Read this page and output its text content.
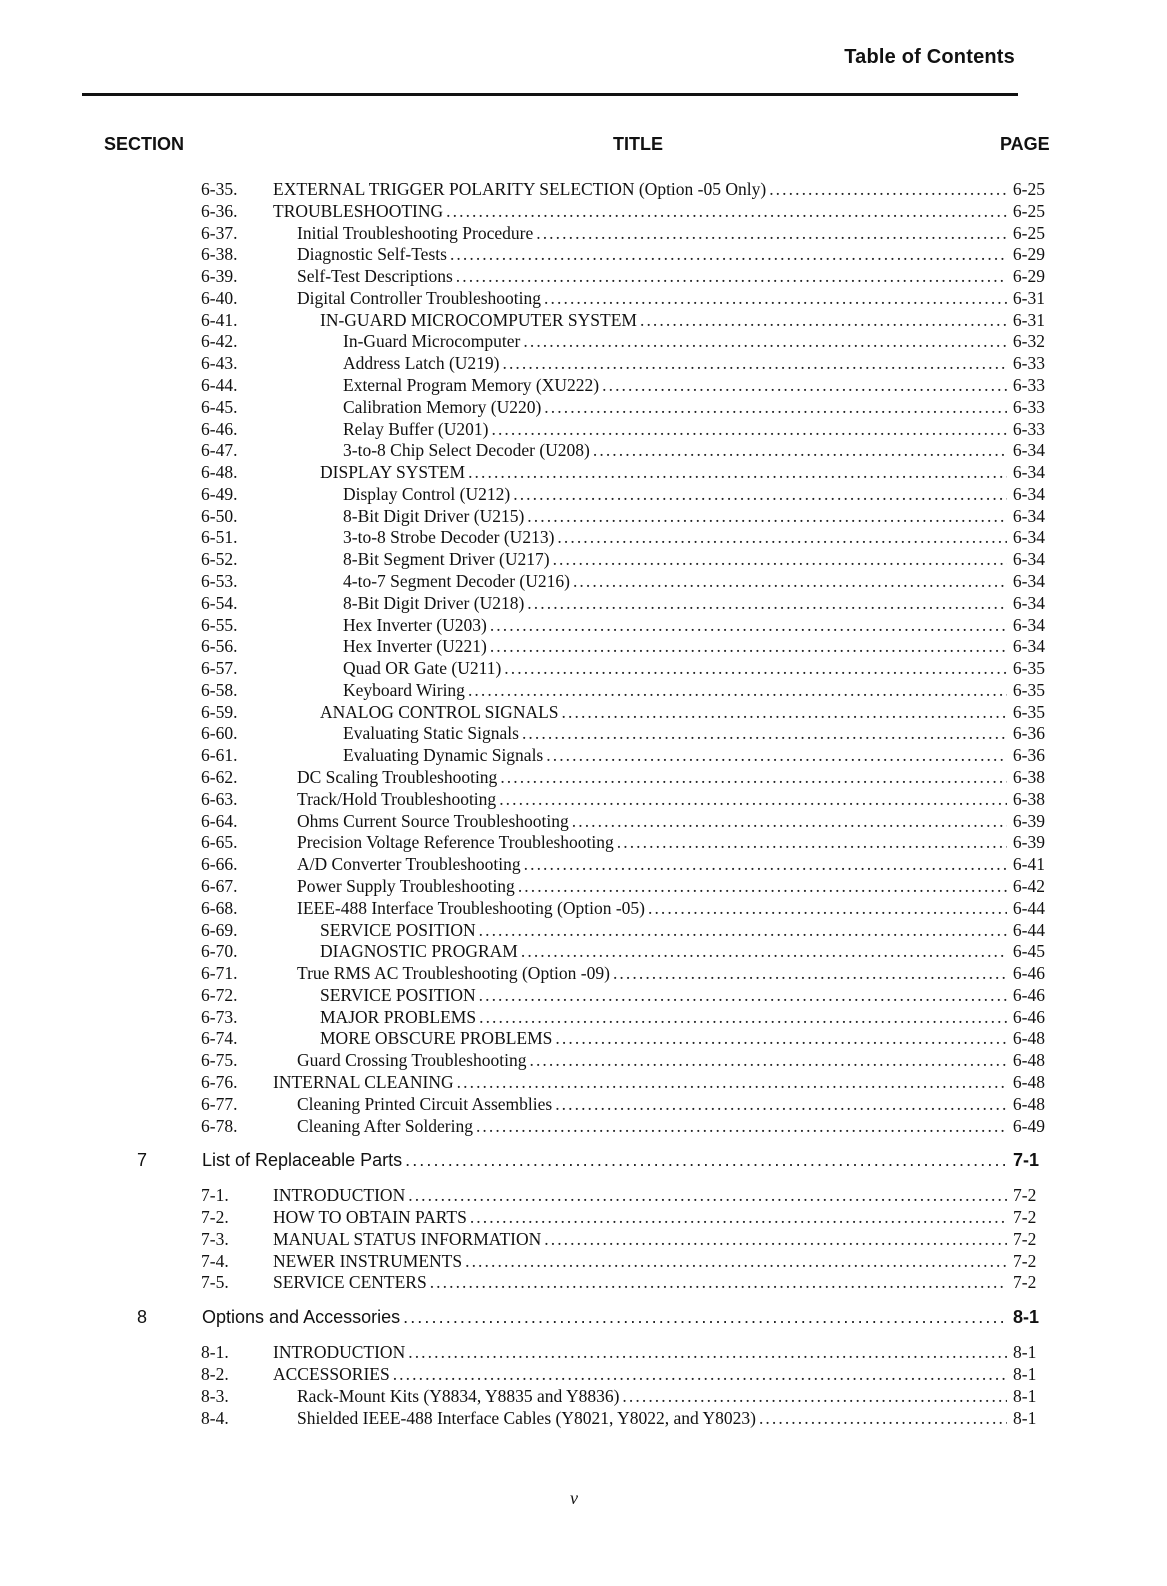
Table of Contents
SECTION	TITLE	PAGE
6-35. EXTERNAL TRIGGER POLARITY SELECTION (Option -05 Only) .....	6-25
6-36. TROUBLESHOOTING .....	6-25
6-37.	Initial Troubleshooting Procedure .....	6-25
6-38.	Diagnostic Self-Tests .....	6-29
6-39.	Self-Test Descriptions .....	6-29
6-40.	Digital Controller Troubleshooting .....	6-31
6-41.	IN-GUARD MICROCOMPUTER SYSTEM .....	6-31
6-42.	In-Guard Microcomputer .....	6-32
6-43.	Address Latch (U219) .....	6-33
6-44.	External Program Memory (XU222) .....	6-33
6-45.	Calibration Memory (U220) .....	6-33
6-46.	Relay Buffer (U201) .....	6-33
6-47.	3-to-8 Chip Select Decoder (U208) .....	6-34
6-48.	DISPLAY SYSTEM .....	6-34
6-49.	Display Control (U212) .....	6-34
6-50.	8-Bit Digit Driver (U215) .....	6-34
6-51.	3-to-8 Strobe Decoder (U213) .....	6-34
6-52.	8-Bit Segment Driver (U217) .....	6-34
6-53.	4-to-7 Segment Decoder (U216) .....	6-34
6-54.	8-Bit Digit Driver (U218) .....	6-34
6-55.	Hex Inverter (U203) .....	6-34
6-56.	Hex Inverter (U221) .....	6-34
6-57.	Quad OR Gate (U211) .....	6-35
6-58.	Keyboard Wiring .....	6-35
6-59.	ANALOG CONTROL SIGNALS .....	6-35
6-60.	Evaluating Static Signals .....	6-36
6-61.	Evaluating Dynamic Signals .....	6-36
6-62.	DC Scaling Troubleshooting .....	6-38
6-63.	Track/Hold Troubleshooting .....	6-38
6-64.	Ohms Current Source Troubleshooting .....	6-39
6-65.	Precision Voltage Reference Troubleshooting .....	6-39
6-66.	A/D Converter Troubleshooting .....	6-41
6-67.	Power Supply Troubleshooting .....	6-42
6-68.	IEEE-488 Interface Troubleshooting (Option -05) .....	6-44
6-69.	SERVICE POSITION .....	6-44
6-70.	DIAGNOSTIC PROGRAM .....	6-45
6-71.	True RMS AC Troubleshooting (Option -09) .....	6-46
6-72.	SERVICE POSITION .....	6-46
6-73.	MAJOR PROBLEMS .....	6-46
6-74.	MORE OBSCURE PROBLEMS .....	6-48
6-75.	Guard Crossing Troubleshooting .....	6-48
6-76. INTERNAL CLEANING .....	6-48
6-77.	Cleaning Printed Circuit Assemblies .....	6-48
6-78.	Cleaning After Soldering .....	6-49
7	List of Replaceable Parts .....	7-1
7-1.	INTRODUCTION .....	7-2
7-2.	HOW TO OBTAIN PARTS .....	7-2
7-3.	MANUAL STATUS INFORMATION .....	7-2
7-4.	NEWER INSTRUMENTS .....	7-2
7-5.	SERVICE CENTERS .....	7-2
8	Options and Accessories .....	8-1
8-1.	INTRODUCTION .....	8-1
8-2.	ACCESSORIES .....	8-1
8-3.	Rack-Mount Kits (Y8834, Y8835 and Y8836) .....	8-1
8-4.	Shielded IEEE-488 Interface Cables (Y8021, Y8022, and Y8023) .....	8-1
v
